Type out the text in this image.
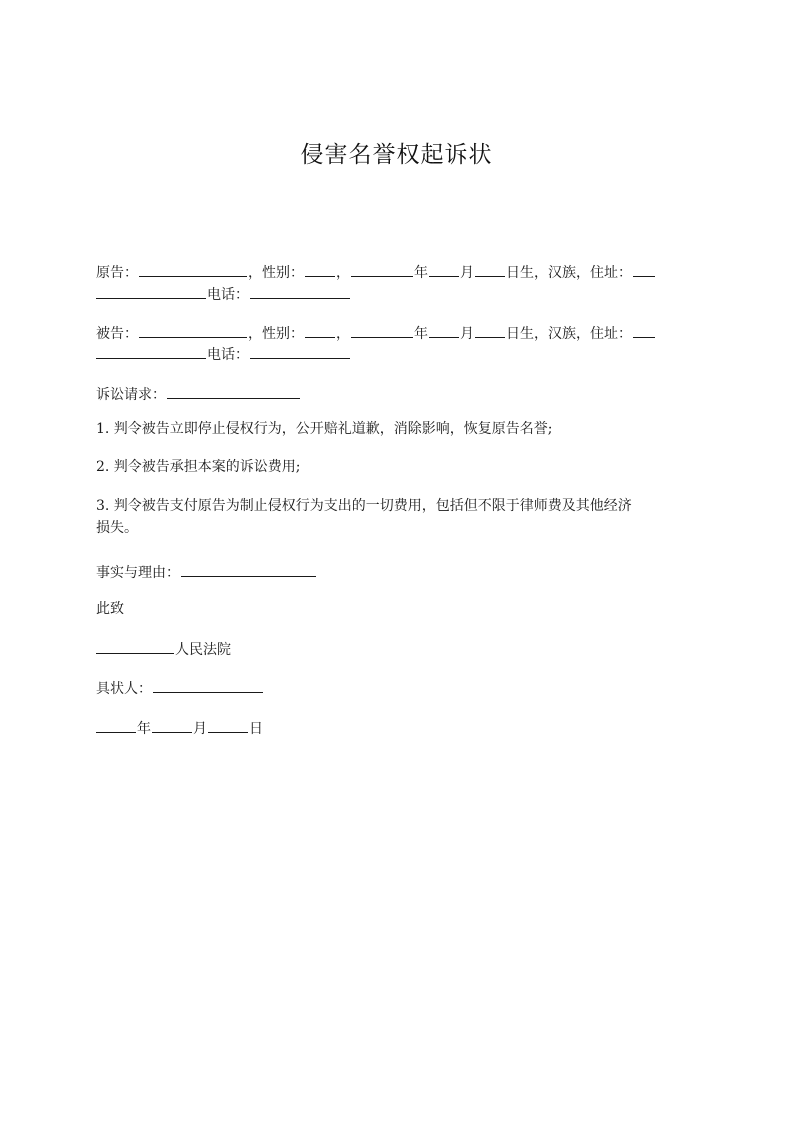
侵害名誉权起诉状
原告：	，性别： ，	年 月 日生，汉族，住址：
电话：
被告：	，性别： ，	年 月 日生，汉族，住址：
电话：
诉讼请求：
1. 判令被告立即停止侵权行为，公开赔礼道歉，消除影响，恢复原告名誉;
2. 判令被告承担本案的诉讼费用;
3. 判令被告支付原告为制止侵权行为支出的一切费用，包括但不限于律师费及其他经济
损失。
事实与理由：
此致
人民法院
具状人：
年	月	日
